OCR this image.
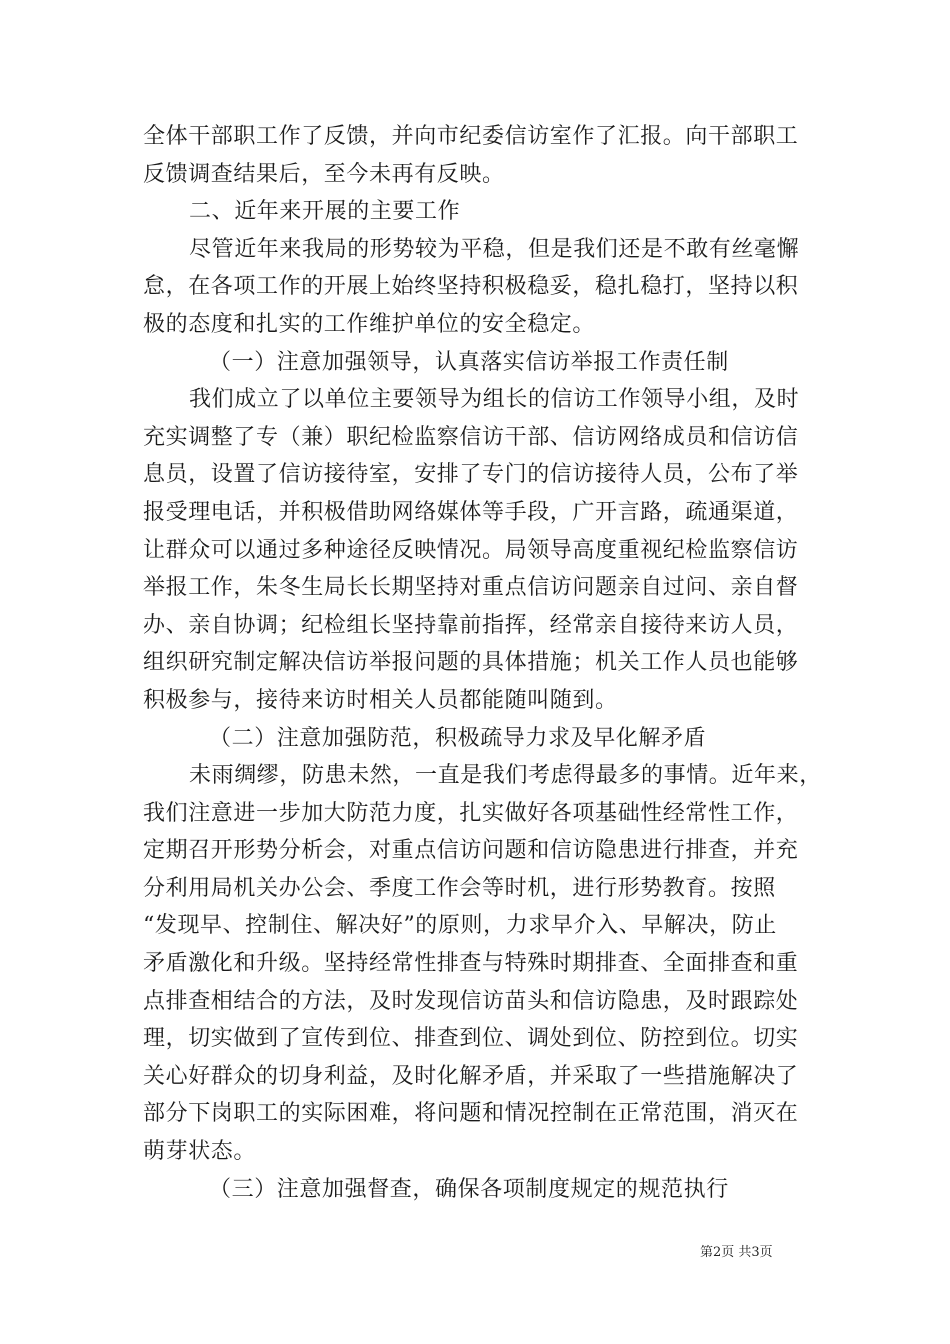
全体干部职工作了反馈，并向市纪委信访室作了汇报。向干部职工
反馈调查结果后，至今未再有反映。
二、近年来开展的主要工作
尽管近年来我局的形势较为平稳，但是我们还是不敢有丝毫懈
怠，在各项工作的开展上始终坚持积极稳妥，稳扎稳打，坚持以积
极的态度和扎实的工作维护单位的安全稳定。
（一）注意加强领导，认真落实信访举报工作责任制
我们成立了以单位主要领导为组长的信访工作领导小组，及时
充实调整了专（兼）职纪检监察信访干部、信访网络成员和信访信
息员，设置了信访接待室，安排了专门的信访接待人员，公布了举
报受理电话，并积极借助网络媒体等手段，广开言路，疏通渠道，
让群众可以通过多种途径反映情况。局领导高度重视纪检监察信访
举报工作，朱冬生局长长期坚持对重点信访问题亲自过问、亲自督
办、亲自协调；纪检组长坚持靠前指挥，经常亲自接待来访人员，
组织研究制定解决信访举报问题的具体措施；机关工作人员也能够
积极参与，接待来访时相关人员都能随叫随到。
（二）注意加强防范，积极疏导力求及早化解矛盾
未雨绸缪，防患未然，一直是我们考虑得最多的事情。近年来，
我们注意进一步加大防范力度，扎实做好各项基础性经常性工作，
定期召开形势分析会，对重点信访问题和信访隐患进行排查，并充
分利用局机关办公会、季度工作会等时机，进行形势教育。按照
“发现早、控制住、解决好”的原则，力求早介入、早解决，防止
矛盾激化和升级。坚持经常性排查与特殊时期排查、全面排查和重
点排查相结合的方法，及时发现信访苗头和信访隐患，及时跟踪处
理，切实做到了宣传到位、排查到位、调处到位、防控到位。切实
关心好群众的切身利益，及时化解矛盾，并采取了一些措施解决了
部分下岗职工的实际困难，将问题和情况控制在正常范围，消灭在
萌芽状态。
（三）注意加强督查，确保各项制度规定的规范执行
第2页 共3页
